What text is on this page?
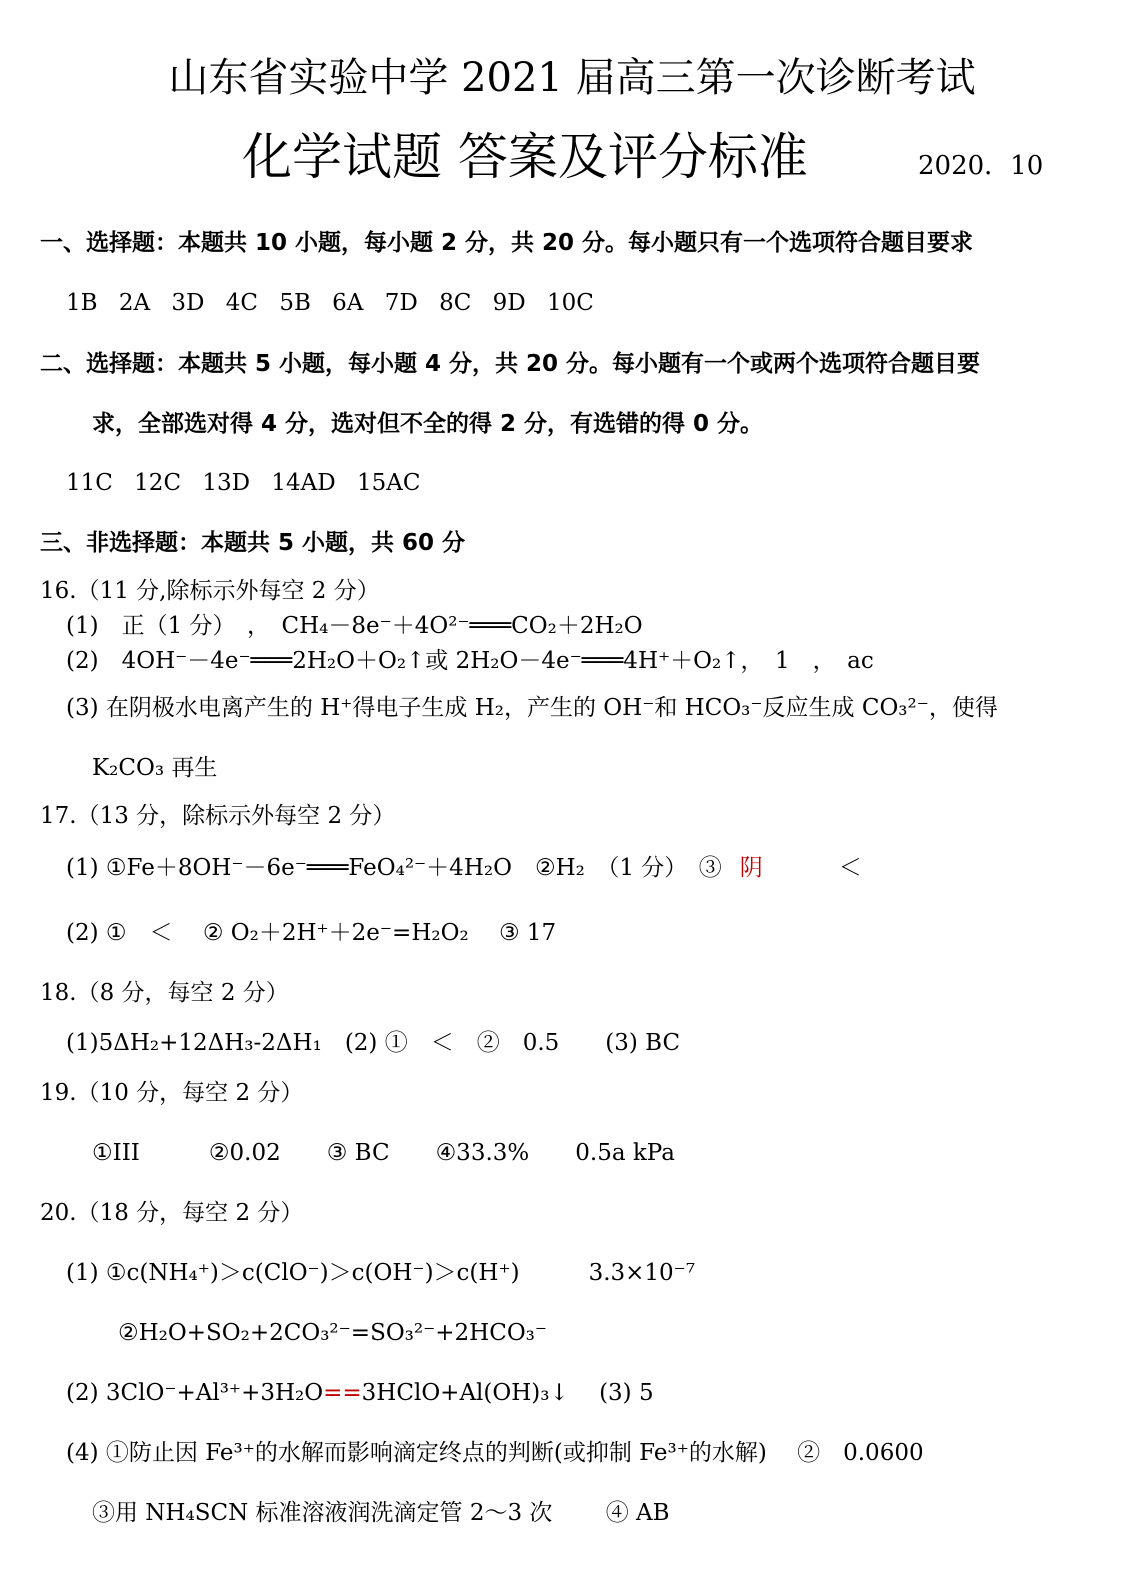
山东省实验中学 2021 届高三第一次诊断考试
化学试题 答案及评分标准	2020．10
一、选择题：本题共 10 小题，每小题 2 分，共 20 分。每小题只有一个选项符合题目要求
1B 2A 3D 4C 5B 6A 7D 8C 9D 10C
二、选择题：本题共 5 小题，每小题 4 分，共 20 分。每小题有一个或两个选项符合题目要
求，全部选对得 4 分，选对但不全的得 2 分，有选错的得 0 分。
11C 12C 13D 14AD 15AC
三、非选择题：本题共 5 小题，共 60 分
16.（11 分,除标示外每空 2 分）
(1)　正（1 分）　，　CH₄－8e⁻＋4O²⁻═══CO₂＋2H₂O
(2)　4OH⁻－4e⁻═══2H₂O＋O₂↑或 2H₂O－4e⁻═══4H⁺＋O₂↑，　1　，　ac
(3) 在阴极水电离产生的 H⁺得电子生成 H₂，产生的 OH⁻和 HCO₃⁻反应生成 CO₃²⁻，使得
K₂CO₃ 再生
17.（13 分，除标示外每空 2 分）
(1) ①Fe＋8OH⁻－6e⁻═══FeO₄²⁻＋4H₂O　②H₂　（1 分）　③ 阴	＜
(2) ①　＜　 ② O₂＋2H⁺＋2e⁻=H₂O₂　 ③ 17
18.（8 分，每空 2 分）
(1)5ΔH₂+12ΔH₃-2ΔH₁　(2) ①　＜　②　0.5　　(3) BC
19.（10 分，每空 2 分）
①III　　　②0.02　　③ BC　　④33.3%　　0.5a kPa
20.（18 分，每空 2 分）
(1) ①c(NH₄⁺)＞c(ClO⁻)＞c(OH⁻)＞c(H⁺)　　　3.3×10⁻⁷
②H₂O+SO₂+2CO₃²⁻=SO₃²⁻+2HCO₃⁻
(2) 3ClO⁻+Al³⁺+3H₂O==3HClO+Al(OH)₃↓　 (3) 5
(4) ①防止因 Fe³⁺的水解而影响滴定终点的判断(或抑制 Fe³⁺的水解)　 ②　0.0600
③用 NH₄SCN 标准溶液润洗滴定管 2～3 次　　 ④ AB
